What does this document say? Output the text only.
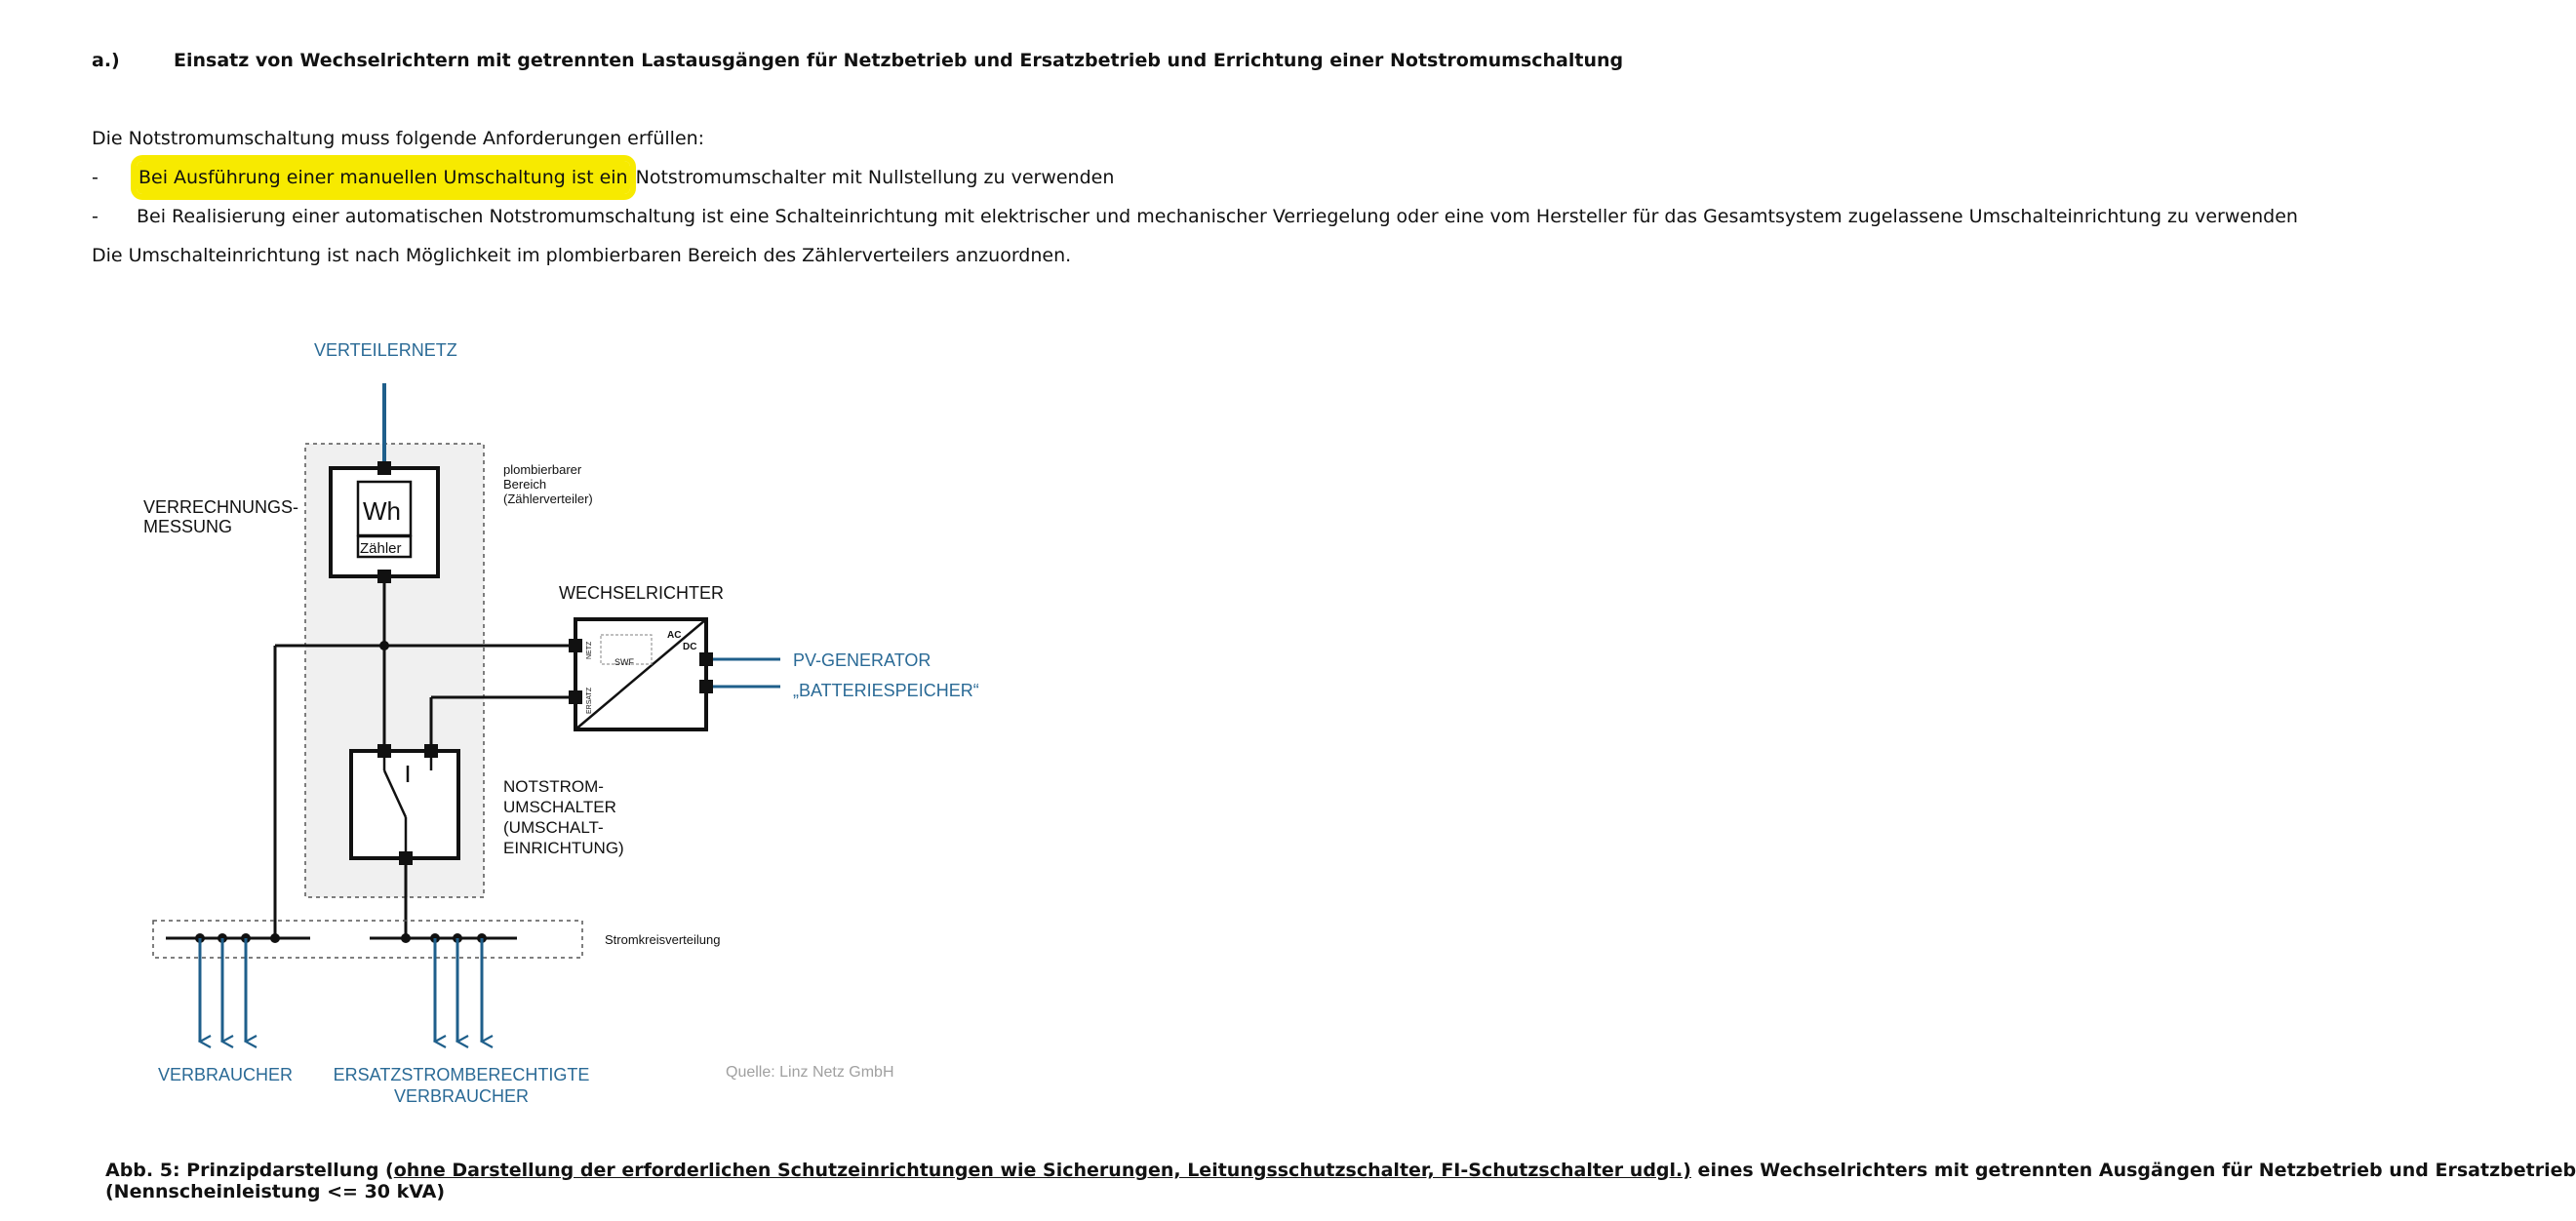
a.)	Einsatz von Wechselrichtern mit getrennten Lastausgängen für Netzbetrieb und Ersatzbetrieb und Errichtung einer Notstromumschaltung
Die Notstromumschaltung muss folgende Anforderungen erfüllen:
- Bei Ausführung einer manuellen Umschaltung ist ein Notstromumschalter mit Nullstellung zu verwenden
- Bei Realisierung einer automatischen Notstromumschaltung ist eine Schalteinrichtung mit elektrischer und mechanischer Verriegelung oder eine vom Hersteller für das Gesamtsystem zugelassene Umschalteinrichtung zu verwenden
Die Umschalteinrichtung ist nach Möglichkeit im plombierbaren Bereich des Zählerverteilers anzuordnen.
VERTEILERNETZ
VERRECHNUNGS-
MESSUNG
plombierbarer
Bereich
(Zählerverteiler)
Wh
Zähler
WECHSELRICHTER
SWF
AC
DC
NETZ
ERSATZ
PV-GENERATOR
„BATTERIESPEICHER“
NOTSTROM-
UMSCHALTER
(UMSCHALT-
EINRICHTUNG)
Stromkreisverteilung
VERBRAUCHER ERSATZSTROMBERECHTIGTE
VERBRAUCHER
Quelle: Linz Netz GmbH
Abb. 5: Prinzipdarstellung (ohne Darstellung der erforderlichen Schutzeinrichtungen wie Sicherungen, Leitungsschutzschalter, FI-Schutzschalter udgl.) eines Wechselrichters mit getrennten Ausgängen für Netzbetrieb und Ersatzbetrieb
(Nennscheinleistung <= 30 kVA)
